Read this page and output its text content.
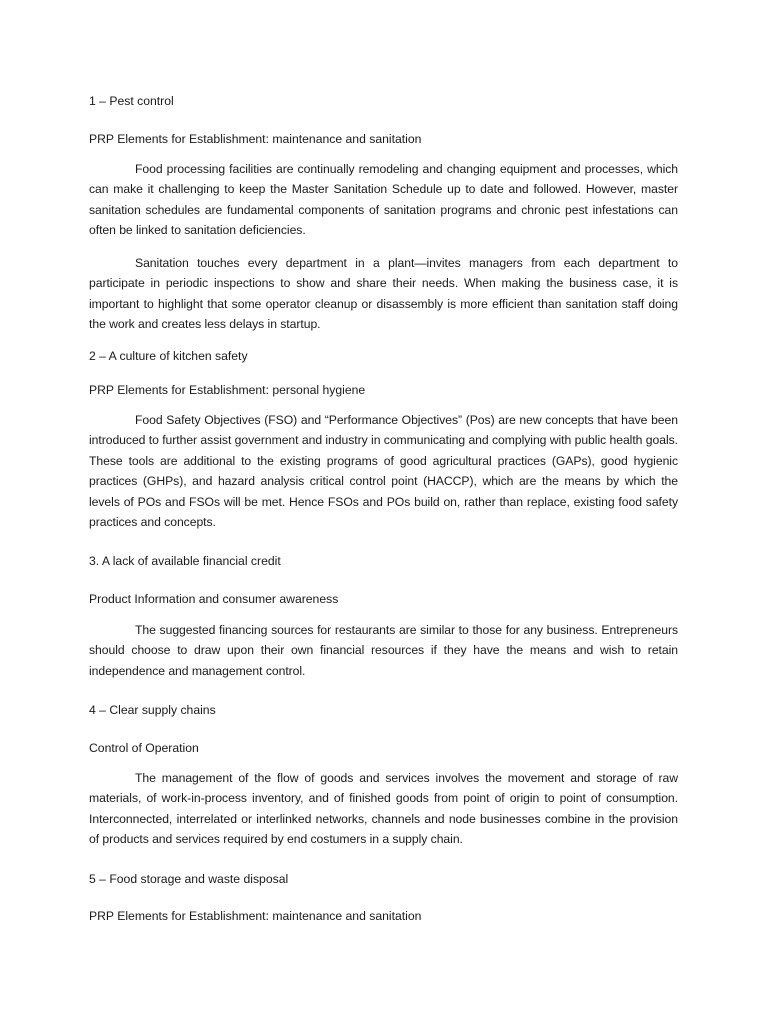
1 – Pest control

PRP Elements for Establishment: maintenance and sanitation

Food processing facilities are continually remodeling and changing equipment and processes, which can make it challenging to keep the Master Sanitation Schedule up to date and followed. However, master sanitation schedules are fundamental components of sanitation programs and chronic pest infestations can often be linked to sanitation deficiencies.

Sanitation touches every department in a plant—invites managers from each department to participate in periodic inspections to show and share their needs. When making the business case, it is important to highlight that some operator cleanup or disassembly is more efficient than sanitation staff doing the work and creates less delays in startup.

2 – A culture of kitchen safety

PRP Elements for Establishment: personal hygiene

Food Safety Objectives (FSO) and “Performance Objectives” (Pos) are new concepts that have been introduced to further assist government and industry in communicating and complying with public health goals. These tools are additional to the existing programs of good agricultural practices (GAPs), good hygienic practices (GHPs), and hazard analysis critical control point (HACCP), which are the means by which the levels of POs and FSOs will be met. Hence FSOs and POs build on, rather than replace, existing food safety practices and concepts.

3. A lack of available financial credit

Product Information and consumer awareness

The suggested financing sources for restaurants are similar to those for any business. Entrepreneurs should choose to draw upon their own financial resources if they have the means and wish to retain independence and management control.

4 – Clear supply chains

Control of Operation

The management of the flow of goods and services involves the movement and storage of raw materials, of work-in-process inventory, and of finished goods from point of origin to point of consumption. Interconnected, interrelated or interlinked networks, channels and node businesses combine in the provision of products and services required by end costumers in a supply chain.

5 – Food storage and waste disposal

PRP Elements for Establishment: maintenance and sanitation
